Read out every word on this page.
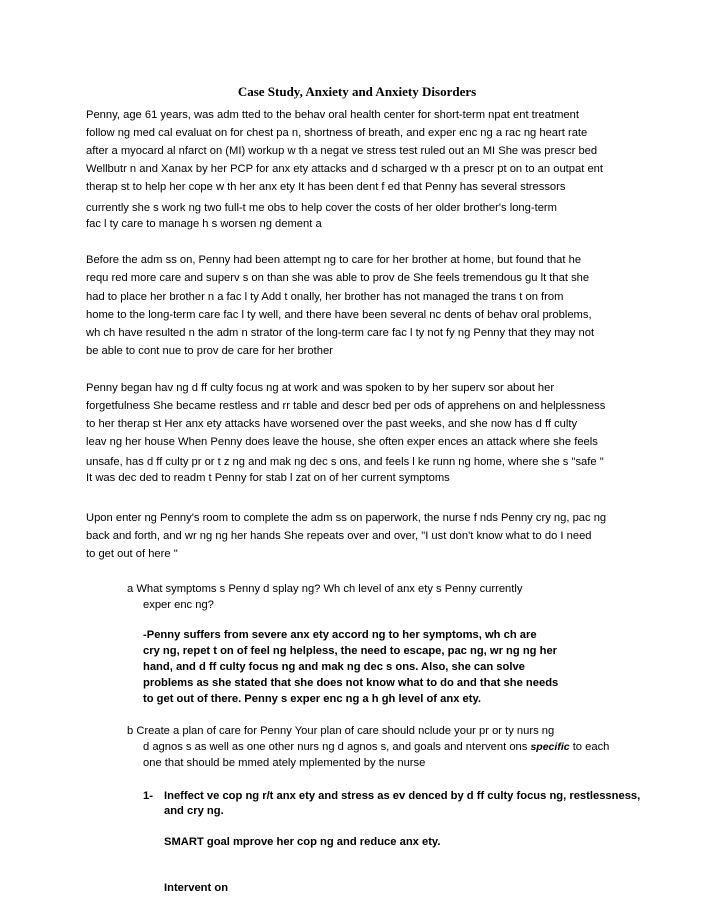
Case Study, Anxiety and Anxiety Disorders
Penny, age 61 years, was adm tted to the behav oral health center for short-term npat ent treatment
follow ng med cal evaluat on for chest pa n, shortness of breath, and exper enc ng a rac ng heart rate
after a myocard al nfarct on (MI) workup w th a negat ve stress test ruled out an MI She was prescr bed
Wellbutr n and Xanax by her PCP for anx ety attacks and d scharged w th a prescr pt on to an outpat ent
therap st to help her cope w th her anx ety It has been dent f ed that Penny has several stressors
currently she s work ng two full-t me obs to help cover the costs of her older brother's long-term
fac l ty care to manage h s worsen ng dement a
Before the adm ss on, Penny had been attempt ng to care for her brother at home, but found that he
requ red more care and superv s on than she was able to prov de She feels tremendous gu lt that she
had to place her brother n a fac l ty Add t onally, her brother has not managed the trans t on from
home to the long-term care fac l ty well, and there have been several nc dents of behav oral problems,
wh ch have resulted n the adm n strator of the long-term care fac l ty not fy ng Penny that they may not
be able to cont nue to prov de care for her brother
Penny began hav ng d ff culty focus ng at work and was spoken to by her superv sor about her
forgetfulness She became restless and rr table and descr bed per ods of apprehens on and helplessness
to her therap st Her anx ety attacks have worsened over the past weeks, and she now has d ff culty
leav ng her house When Penny does leave the house, she often exper ences an attack where she feels
unsafe, has d ff culty pr or t z ng and mak ng dec s ons, and feels l ke runn ng home, where she s "safe "
It was dec ded to readm t Penny for stab l zat on of her current symptoms
Upon enter ng Penny's room to complete the adm ss on paperwork, the nurse f nds Penny cry ng, pac ng
back and forth, and wr ng ng her hands She repeats over and over, "I ust don't know what to do I need
to get out of here "
a What symptoms s Penny d splay ng? Wh ch level of anx ety s Penny currently
exper enc ng?
-Penny suffers from severe anx ety accord ng to her symptoms, wh ch are
cry ng, repet t on of feel ng helpless, the need to escape, pac ng, wr ng ng her
hand, and d ff culty focus ng and mak ng dec s ons. Also, she can solve
problems as she stated that she does not know what to do and that she needs
to get out of there. Penny s exper enc ng a h gh level of anx ety.
b Create a plan of care for Penny Your plan of care should nclude your pr or ty nurs ng
d agnos s as well as one other nurs ng d agnos s, and goals and ntervent ons specific to each
one that should be mmed ately mplemented by the nurse
1- Ineffect ve cop ng r/t anx ety and stress as ev denced by d ff culty focus ng, restlessness,
and cry ng.
SMART goal mprove her cop ng and reduce anx ety.
Intervent on
